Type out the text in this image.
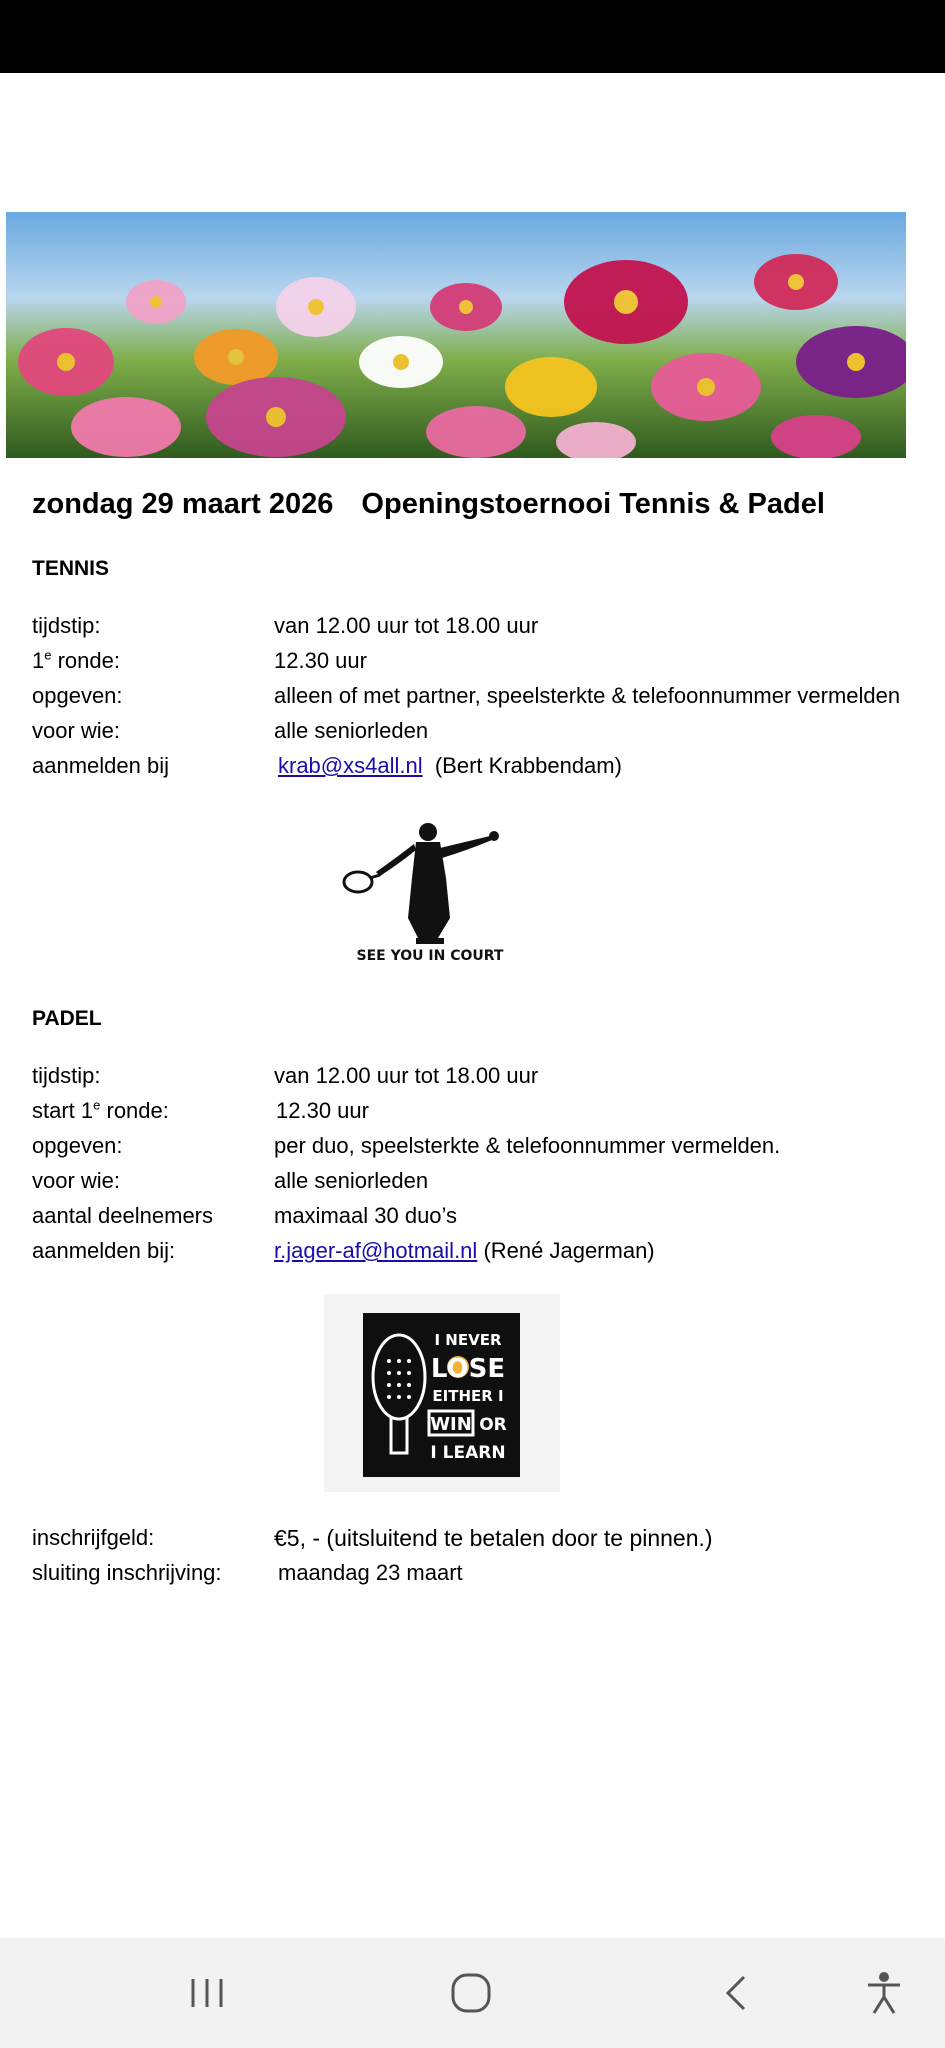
zondag 29 maart 2026 Openingstoernooi Tennis & Padel
TENNIS
tijdstip:	van 12.00 uur tot 18.00 uur
1e ronde:	12.30 uur
opgeven:	alleen of met partner, speelsterkte & telefoonnummer vermelden
voor wie:	alle seniorleden
aanmelden bij	krab@xs4all.nl (Bert Krabbendam)
SEE YOU IN COURT
PADEL
tijdstip:	van 12.00 uur tot 18.00 uur
start 1e ronde:	12.30 uur
opgeven:	per duo, speelsterkte & telefoonnummer vermelden.
voor wie:	alle seniorleden
aantal deelnemers	maximaal 30 duo’s
aanmelden bij:	r.jager-af@hotmail.nl (René Jagerman)
I NEVER
LOSE
EITHER I
WIN OR
I LEARN
inschrijfgeld:	€5, - (uitsluitend te betalen door te pinnen.)
sluiting inschrijving:	maandag 23 maart
